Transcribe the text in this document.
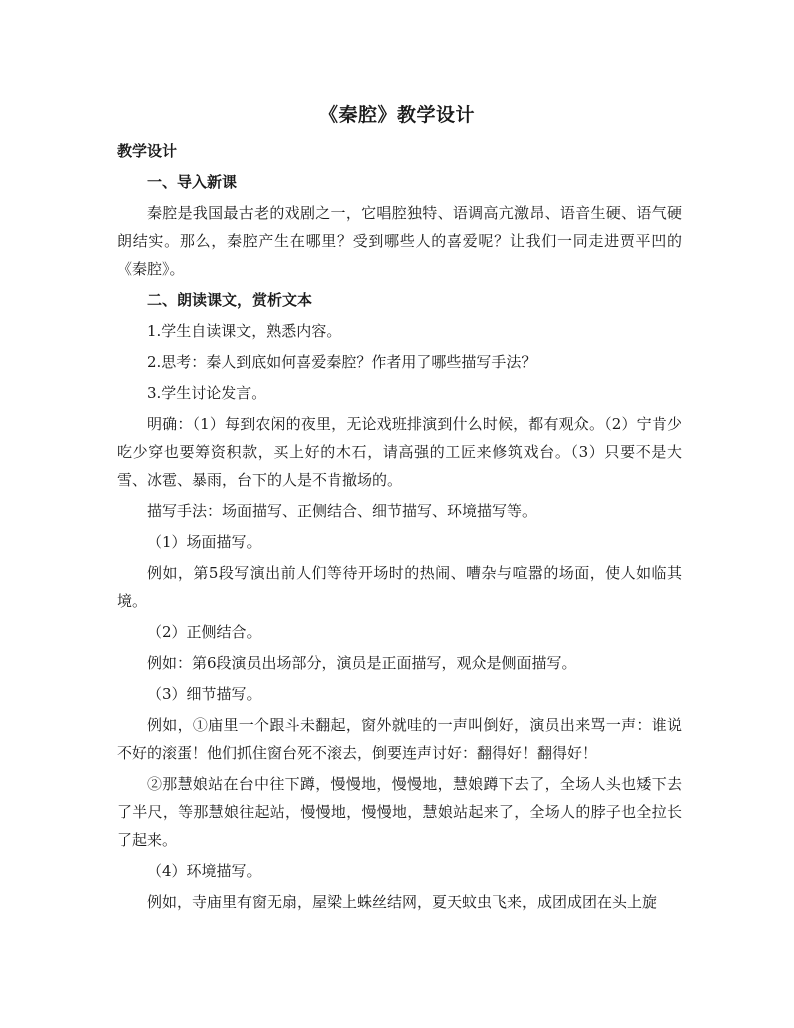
《秦腔》教学设计

教学设计

一、导入新课

秦腔是我国最古老的戏剧之一，它唱腔独特、语调高亢激昂、语音生硬、语气硬朗结实。那么，秦腔产生在哪里？受到哪些人的喜爱呢？让我们一同走进贾平凹的《秦腔》。

二、朗读课文，赏析文本

1.学生自读课文，熟悉内容。

2.思考：秦人到底如何喜爱秦腔？作者用了哪些描写手法？

3.学生讨论发言。

明确：（1）每到农闲的夜里，无论戏班排演到什么时候，都有观众。（2）宁肯少吃少穿也要筹资积款，买上好的木石，请高强的工匠来修筑戏台。（3）只要不是大雪、冰雹、暴雨，台下的人是不肯撤场的。

描写手法：场面描写、正侧结合、细节描写、环境描写等。

（1）场面描写。

例如，第5段写演出前人们等待开场时的热闹、嘈杂与喧嚣的场面，使人如临其境。

（2）正侧结合。

例如：第6段演员出场部分，演员是正面描写，观众是侧面描写。

（3）细节描写。

例如，①庙里一个跟斗未翻起，窗外就哇的一声叫倒好，演员出来骂一声：谁说不好的滚蛋！他们抓住窗台死不滚去，倒要连声讨好：翻得好！翻得好！

②那慧娘站在台中往下蹲，慢慢地，慢慢地，慧娘蹲下去了，全场人头也矮下去了半尺，等那慧娘往起站，慢慢地，慢慢地，慧娘站起来了，全场人的脖子也全拉长了起来。

（4）环境描写。

例如，寺庙里有窗无扇，屋梁上蛛丝结网，夏天蚊虫飞来，成团成团在头上旋
